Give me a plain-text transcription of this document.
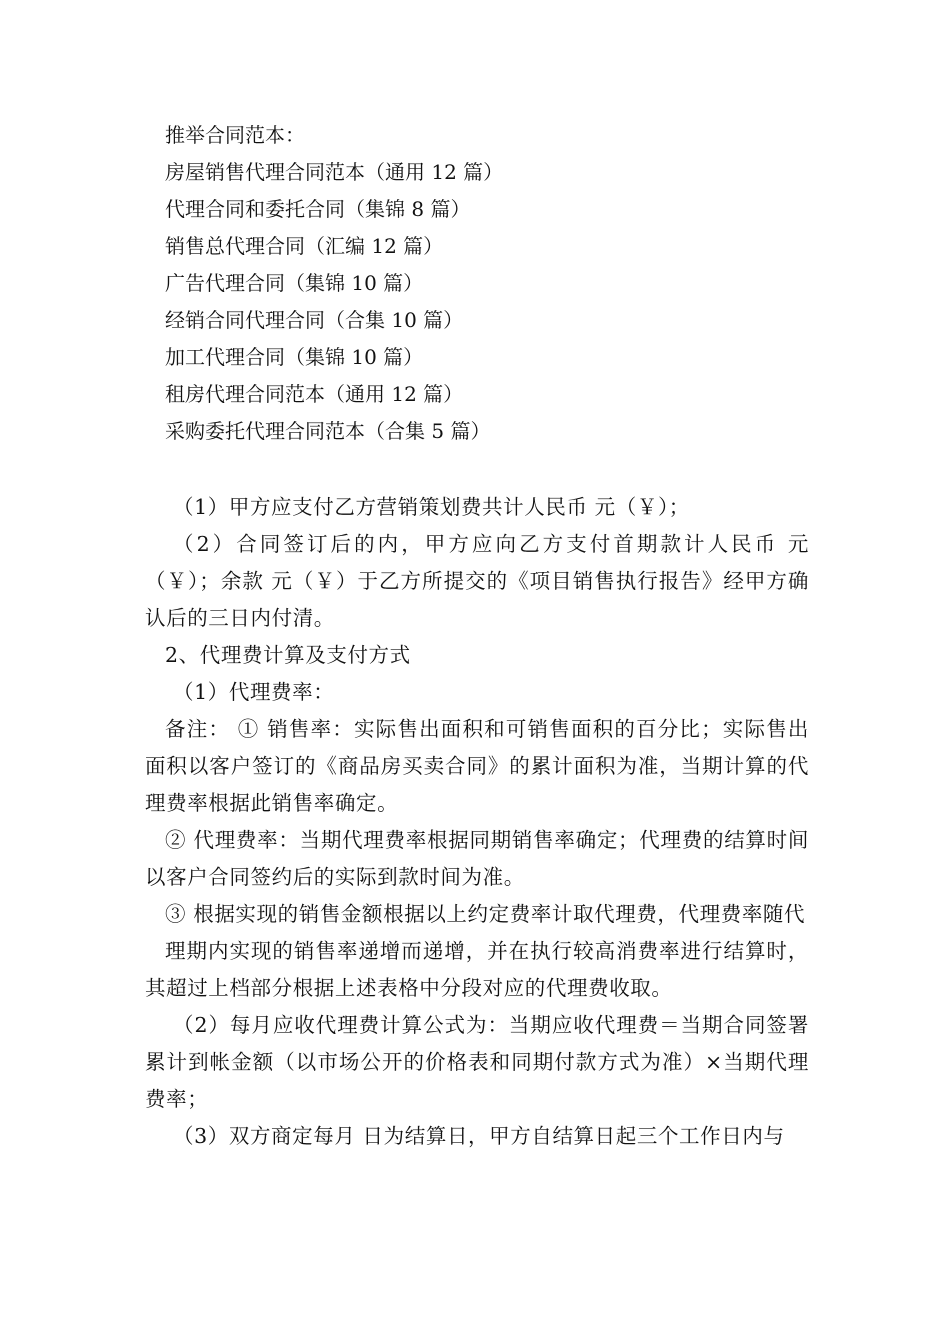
推举合同范本：
房屋销售代理合同范本（通用 12 篇）
代理合同和委托合同（集锦 8 篇）
销售总代理合同（汇编 12 篇）
广告代理合同（集锦 10 篇）
经销合同代理合同（合集 10 篇）
加工代理合同（集锦 10 篇）
租房代理合同范本（通用 12 篇）
采购委托代理合同范本（合集 5 篇）

（1）甲方应支付乙方营销策划费共计人民币 元（￥）；

（2）合同签订后的内，甲方应向乙方支付首期款计人民币 元（￥）；余款 元（￥）于乙方所提交的《项目销售执行报告》经甲方确认后的三日内付清。

2、代理费计算及支付方式

（1）代理费率：

备注： ① 销售率：实际售出面积和可销售面积的百分比；实际售出面积以客户签订的《商品房买卖合同》的累计面积为准，当期计算的代理费率根据此销售率确定。

② 代理费率：当期代理费率根据同期销售率确定；代理费的结算时间以客户合同签约后的实际到款时间为准。

③ 根据实现的销售金额根据以上约定费率计取代理费，代理费率随代

理期内实现的销售率递增而递增，并在执行较高消费率进行结算时，其超过上档部分根据上述表格中分段对应的代理费收取。

（2）每月应收代理费计算公式为：当期应收代理费＝当期合同签署累计到帐金额（以市场公开的价格表和同期付款方式为准）×当期代理费率；

（3）双方商定每月 日为结算日，甲方自结算日起三个工作日内与
